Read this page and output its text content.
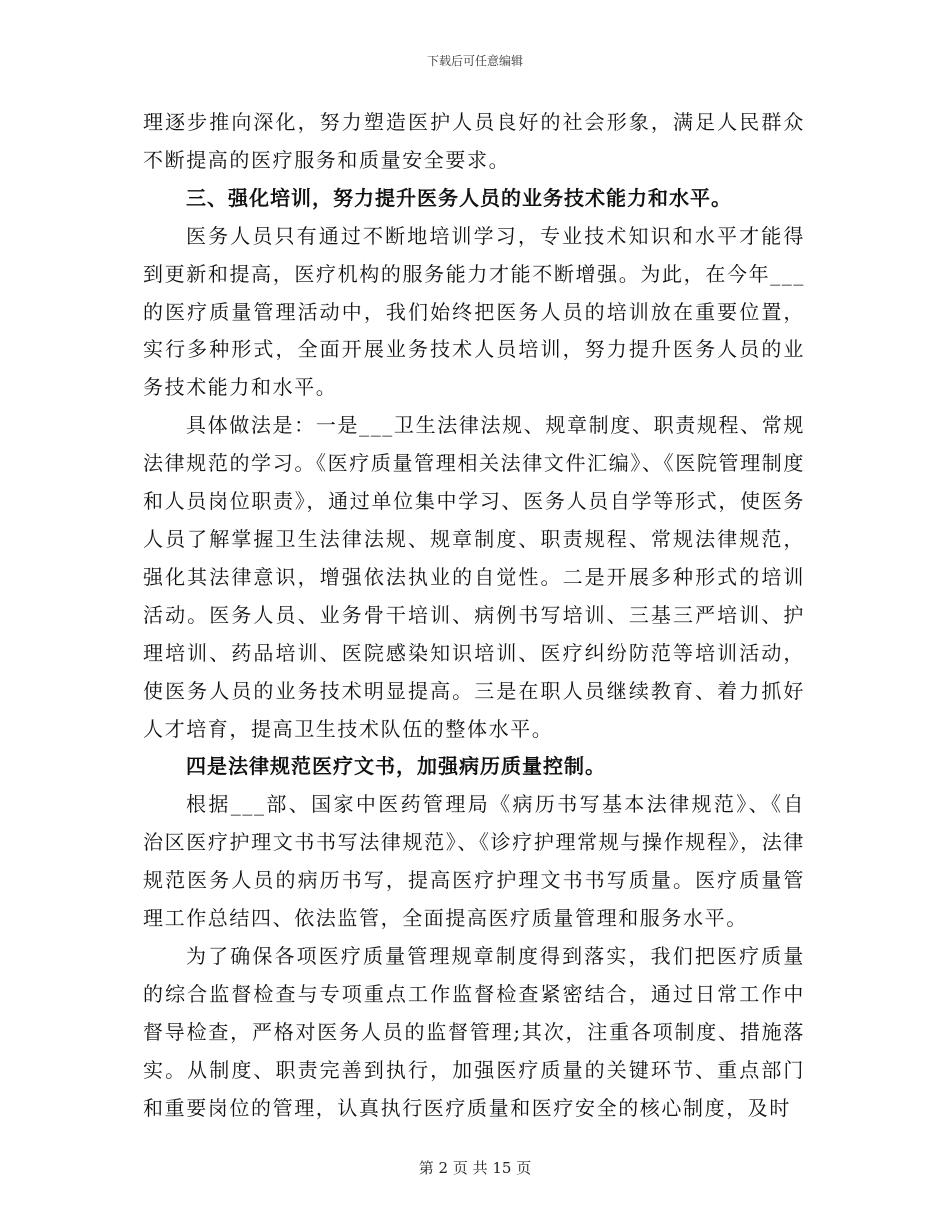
下载后可任意编辑

理逐步推向深化，努力塑造医护人员良好的社会形象，满足人民群众不断提高的医疗服务和质量安全要求。

三、强化培训，努力提升医务人员的业务技术能力和水平。

医务人员只有通过不断地培训学习，专业技术知识和水平才能得到更新和提高，医疗机构的服务能力才能不断增强。为此，在今年___的医疗质量管理活动中，我们始终把医务人员的培训放在重要位置，实行多种形式，全面开展业务技术人员培训，努力提升医务人员的业务技术能力和水平。

具体做法是：一是___卫生法律法规、规章制度、职责规程、常规法律规范的学习。《医疗质量管理相关法律文件汇编》、《医院管理制度和人员岗位职责》，通过单位集中学习、医务人员自学等形式，使医务人员了解掌握卫生法律法规、规章制度、职责规程、常规法律规范，强化其法律意识，增强依法执业的自觉性。二是开展多种形式的培训活动。医务人员、业务骨干培训、病例书写培训、三基三严培训、护理培训、药品培训、医院感染知识培训、医疗纠纷防范等培训活动，使医务人员的业务技术明显提高。三是在职人员继续教育、着力抓好人才培育，提高卫生技术队伍的整体水平。

四是法律规范医疗文书，加强病历质量控制。

根据___部、国家中医药管理局《病历书写基本法律规范》、《自治区医疗护理文书书写法律规范》、《诊疗护理常规与操作规程》，法律规范医务人员的病历书写，提高医疗护理文书书写质量。医疗质量管理工作总结四、依法监管，全面提高医疗质量管理和服务水平。

为了确保各项医疗质量管理规章制度得到落实，我们把医疗质量的综合监督检查与专项重点工作监督检查紧密结合，通过日常工作中督导检查，严格对医务人员的监督管理;其次，注重各项制度、措施落实。从制度、职责完善到执行，加强医疗质量的关键环节、重点部门和重要岗位的管理，认真执行医疗质量和医疗安全的核心制度，及时

第 2 页 共 15 页
